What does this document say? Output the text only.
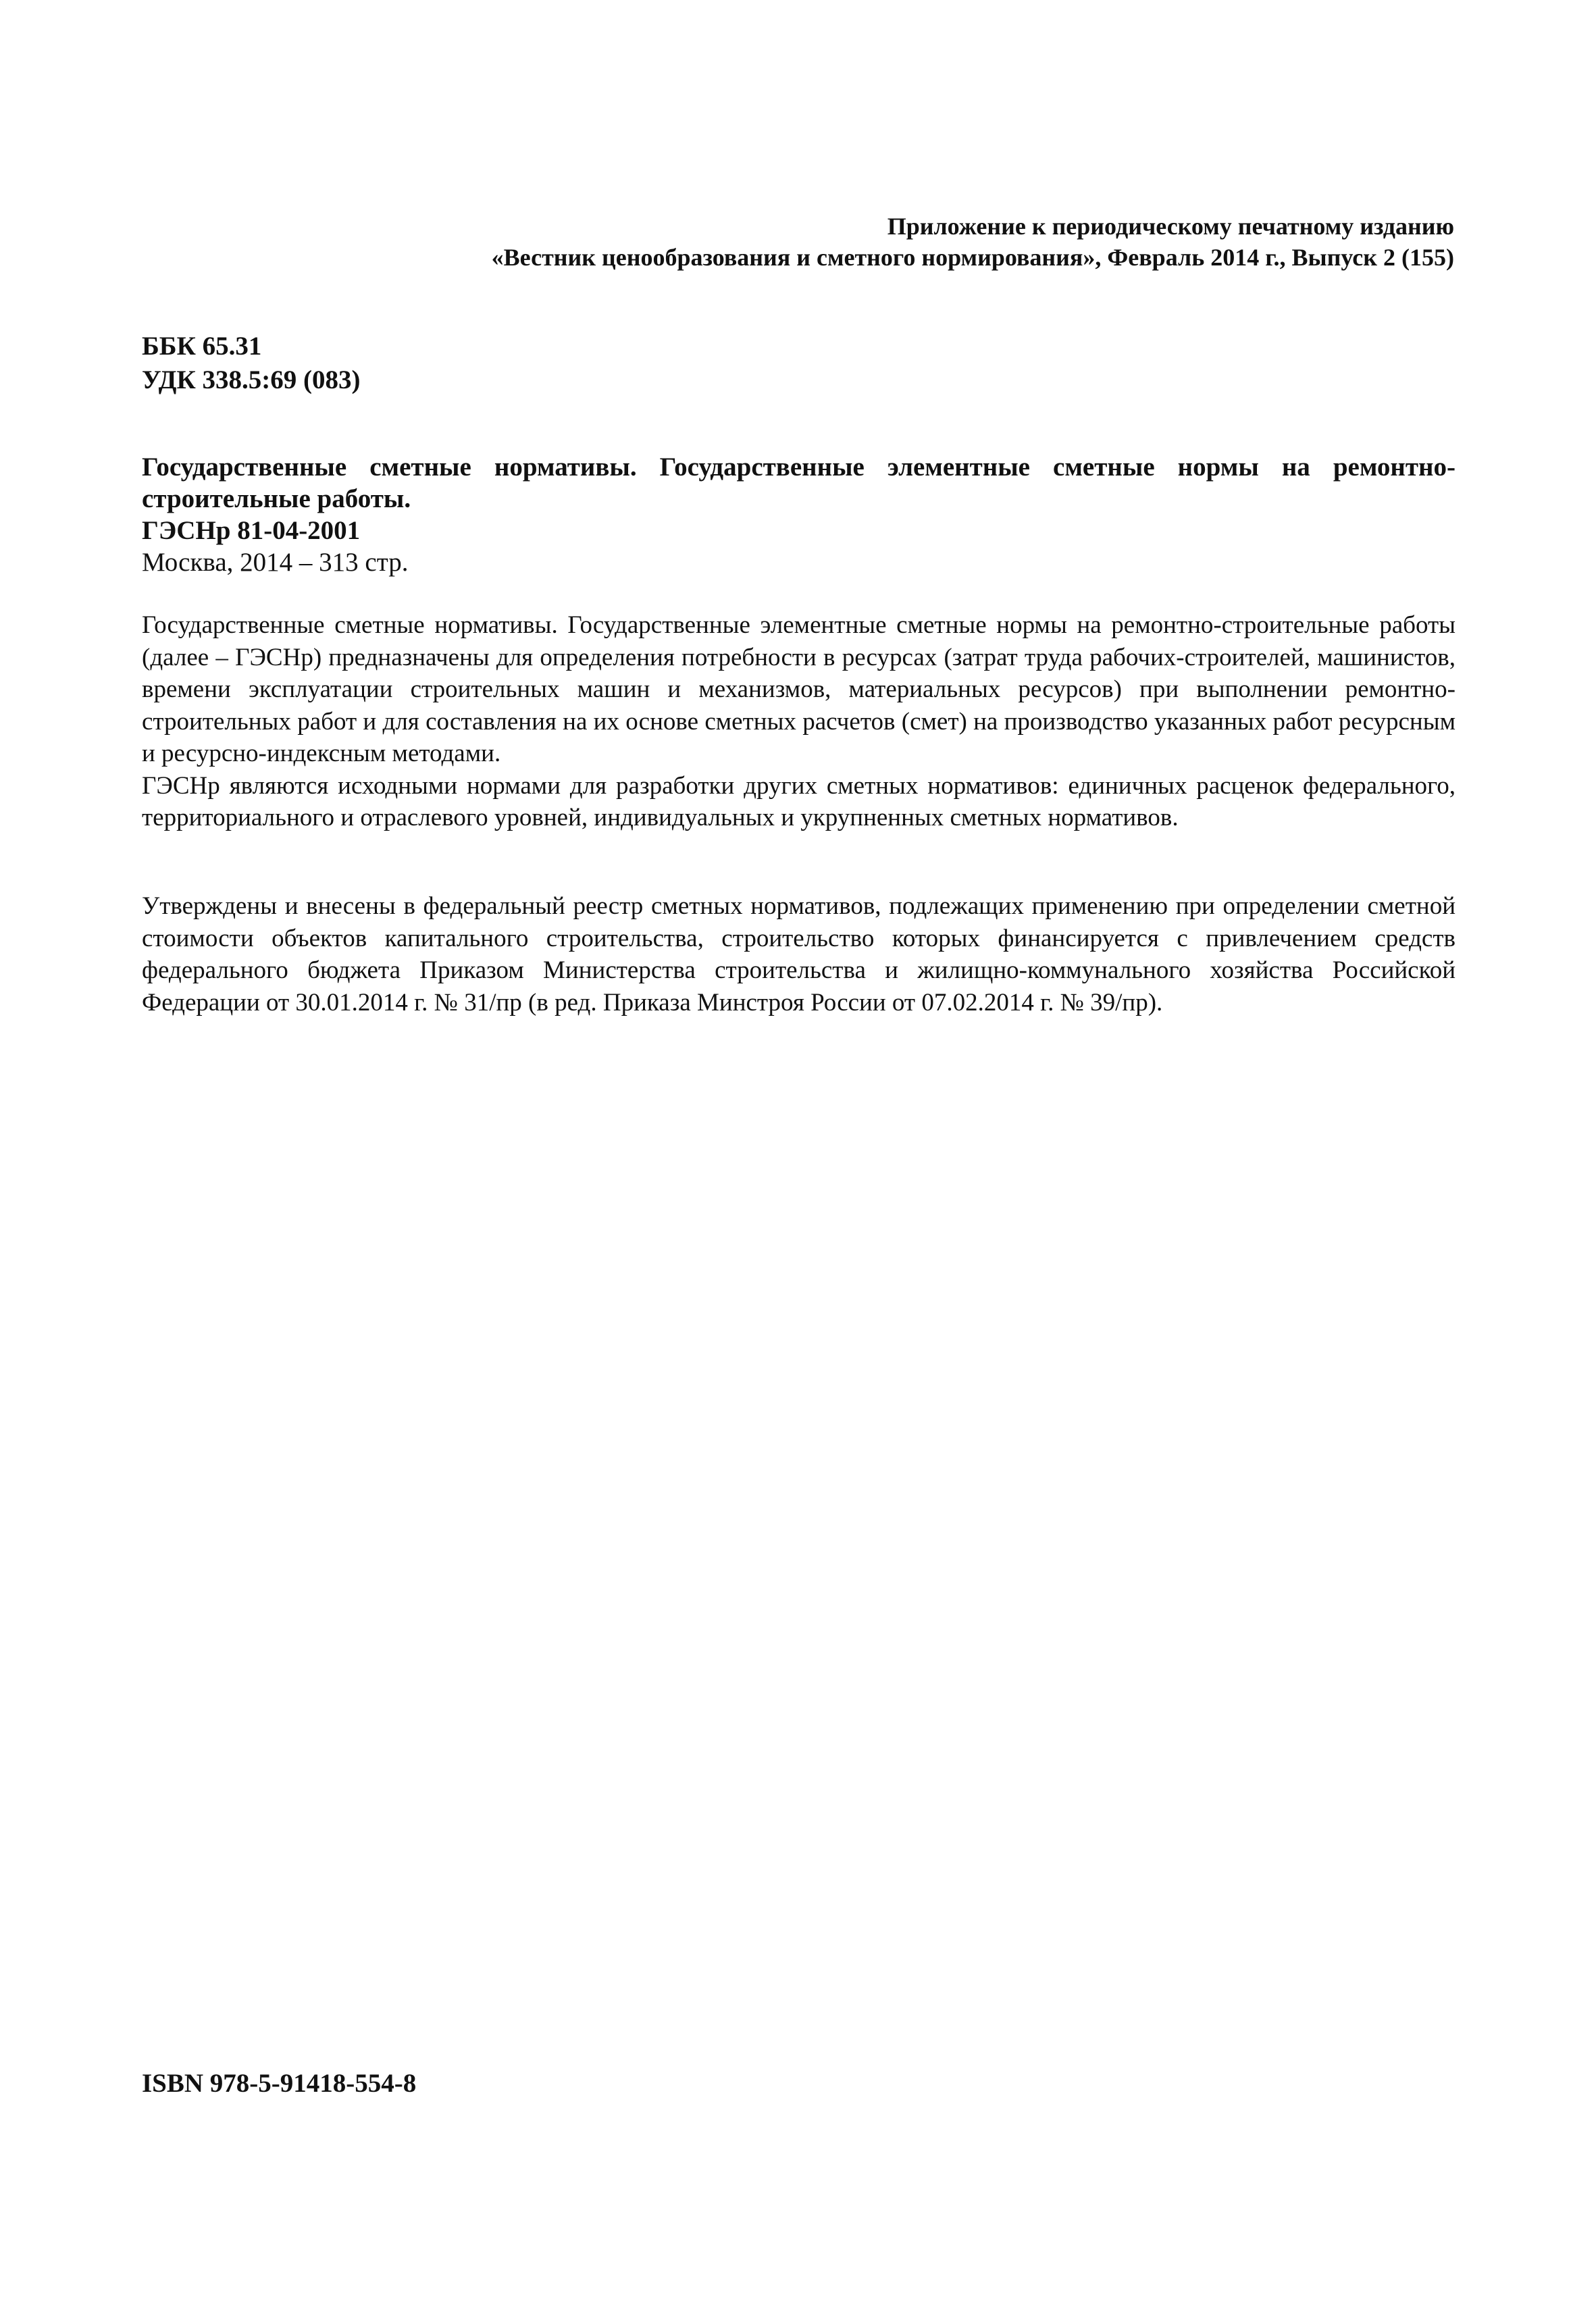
Приложение к периодическому печатному изданию
«Вестник ценообразования и сметного нормирования», Февраль 2014 г., Выпуск 2 (155)
ББК 65.31
УДК 338.5:69 (083)
Государственные сметные нормативы. Государственные элементные сметные нормы на ремонтно-строительные работы.
ГЭСНр 81-04-2001
Москва, 2014 – 313 стр.

Государственные сметные нормативы. Государственные элементные сметные нормы на ремонтно-строительные работы (далее – ГЭСНр) предназначены для определения потребности в ресурсах (затрат труда рабочих-строителей, машинистов, времени эксплуатации строительных машин и механизмов, материальных ресурсов) при выполнении ремонтно-строительных работ и для составления на их основе сметных расчетов (смет) на производство указанных работ ресурсным и ресурсно-индексным методами.

ГЭСНр являются исходными нормами для разработки других сметных нормативов: единичных расценок федерального, территориального и отраслевого уровней, индивидуальных и укрупненных сметных нормативов.

Утверждены и внесены в федеральный реестр сметных нормативов, подлежащих применению при определении сметной стоимости объектов капитального строительства, строительство которых финансируется с привлечением средств федерального бюджета Приказом Министерства строительства и жилищно-коммунального хозяйства Российской Федерации от 30.01.2014 г. № 31/пр (в ред. Приказа Минстроя России от 07.02.2014 г. № 39/пр).

ISBN 978-5-91418-554-8
